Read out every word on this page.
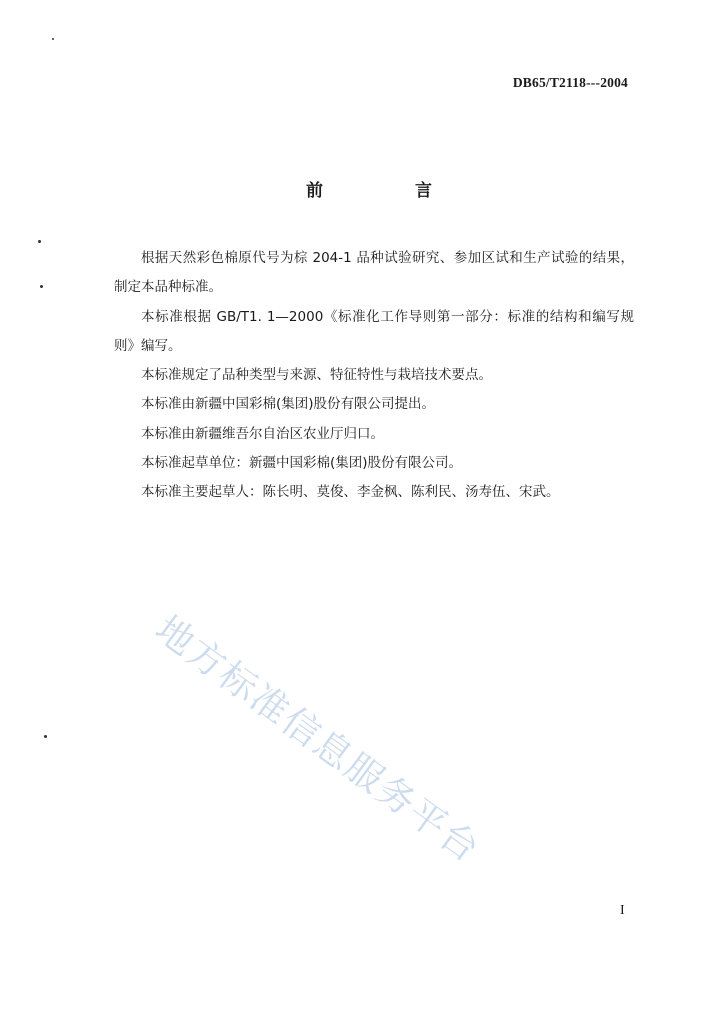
DB65/T2118---2004
前	言

根据天然彩色棉原代号为棕 204-1 品种试验研究、参加区试和生产试验的结果，制定本品种标准。

本标准根据 GB/T1. 1—2000《标准化工作导则第一部分：标准的结构和编写规则》编写。

本标准规定了品种类型与来源、特征特性与栽培技术要点。

本标准由新疆中国彩棉(集团)股份有限公司提出。

本标准由新疆维吾尔自治区农业厅归口。

本标准起草单位：新疆中国彩棉(集团)股份有限公司。

本标准主要起草人：陈长明、莫俊、李金枫、陈利民、汤寿伍、宋武。

地方标准信息服务平台
I
